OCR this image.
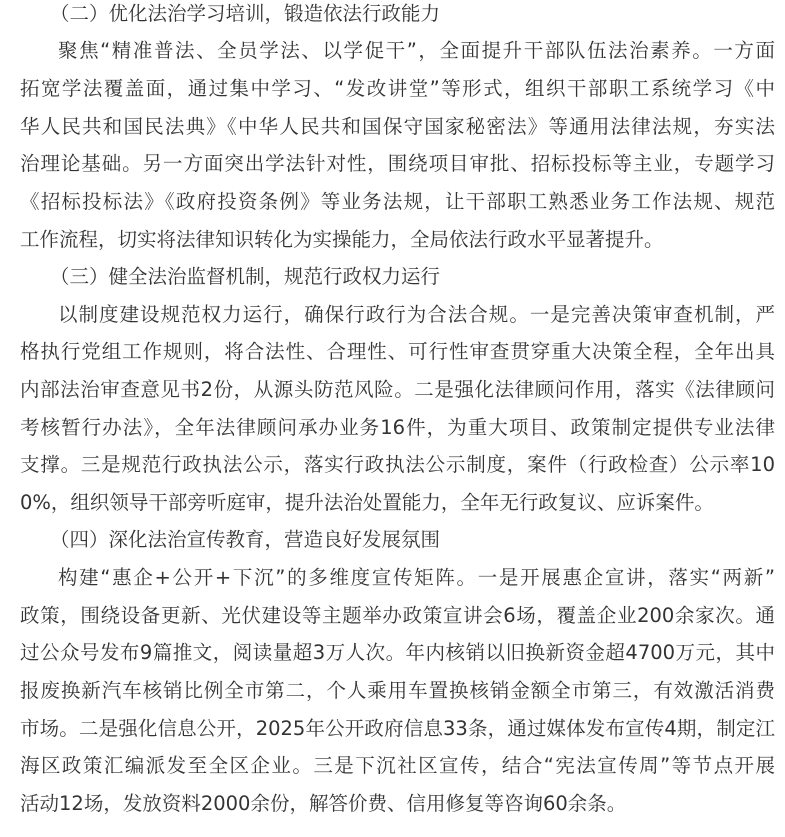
（二）优化法治学习培训，锻造依法行政能力
聚焦“精准普法、全员学法、以学促干”，全面提升干部队伍法治素养。一方面
拓宽学法覆盖面，通过集中学习、“发改讲堂”等形式，组织干部职工系统学习《中
华人民共和国民法典》《中华人民共和国保守国家秘密法》等通用法律法规，夯实法
治理论基础。另一方面突出学法针对性，围绕项目审批、招标投标等主业，专题学习
《招标投标法》《政府投资条例》等业务法规，让干部职工熟悉业务工作法规、规范
工作流程，切实将法律知识转化为实操能力，全局依法行政水平显著提升。
（三）健全法治监督机制，规范行政权力运行
以制度建设规范权力运行，确保行政行为合法合规。一是完善决策审查机制，严
格执行党组工作规则，将合法性、合理性、可行性审查贯穿重大决策全程，全年出具
内部法治审查意见书2份，从源头防范风险。二是强化法律顾问作用，落实《法律顾问
考核暂行办法》，全年法律顾问承办业务16件，为重大项目、政策制定提供专业法律
支撑。三是规范行政执法公示，落实行政执法公示制度，案件（行政检查）公示率10
0%，组织领导干部旁听庭审，提升法治处置能力，全年无行政复议、应诉案件。
（四）深化法治宣传教育，营造良好发展氛围
构建“惠企+公开+下沉”的多维度宣传矩阵。一是开展惠企宣讲，落实“两新”
政策，围绕设备更新、光伏建设等主题举办政策宣讲会6场，覆盖企业200余家次。通
过公众号发布9篇推文，阅读量超3万人次。年内核销以旧换新资金超4700万元，其中
报废换新汽车核销比例全市第二，个人乘用车置换核销金额全市第三，有效激活消费
市场。二是强化信息公开，2025年公开政府信息33条，通过媒体发布宣传4期，制定江
海区政策汇编派发至全区企业。三是下沉社区宣传，结合“宪法宣传周”等节点开展
活动12场，发放资料2000余份，解答价费、信用修复等咨询60余条。
